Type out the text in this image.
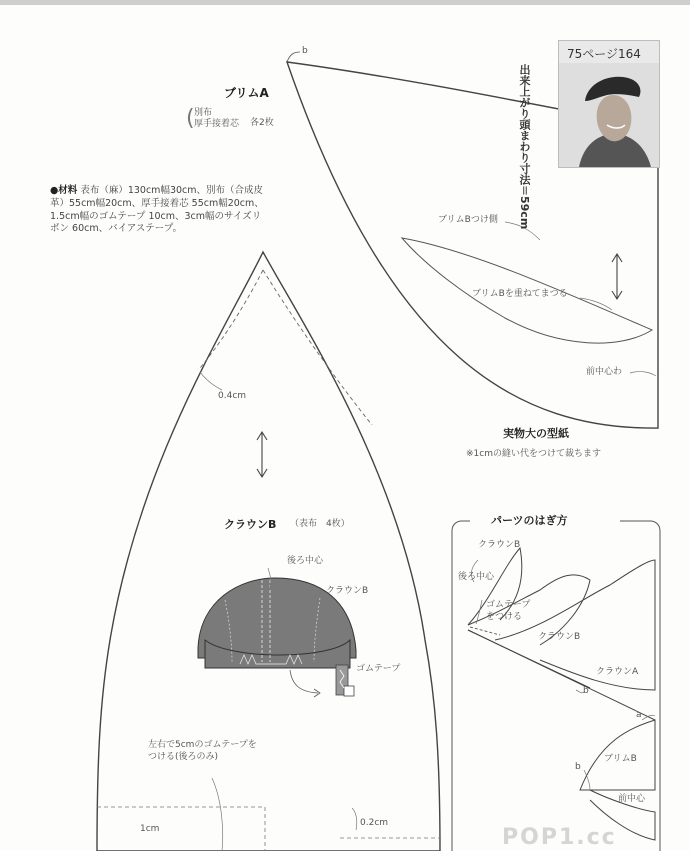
75ページ164
出来上がり頭まわり寸法＝59cm
ブリムA
( 別布
厚手接着芯 各2枚
●材料 表布（麻）130cm幅30cm、別布（合成皮革）55cm幅20cm、厚手接着芯 55cm幅20cm、1.5cm幅のゴムテープ 10cm、3cm幅のサイズリボン 60cm、バイアステープ。
b
ブリムBつけ側
ブリムBを重ねてまつる
前中心わ
実物大の型紙
※1cmの縫い代をつけて裁ちます
0.4cm
クラウンB （表布　4枚）
後ろ中心
クラウンB
ゴムテープ
左右で5cmのゴムテープを
つける(後ろのみ)
1cm
0.2cm
パーツのはぎ方
クラウンB
後ろ中心
ゴムテープ
をつける
クラウンB
クラウンA
b
a
b
ブリムB
前中心
POP1.cc
